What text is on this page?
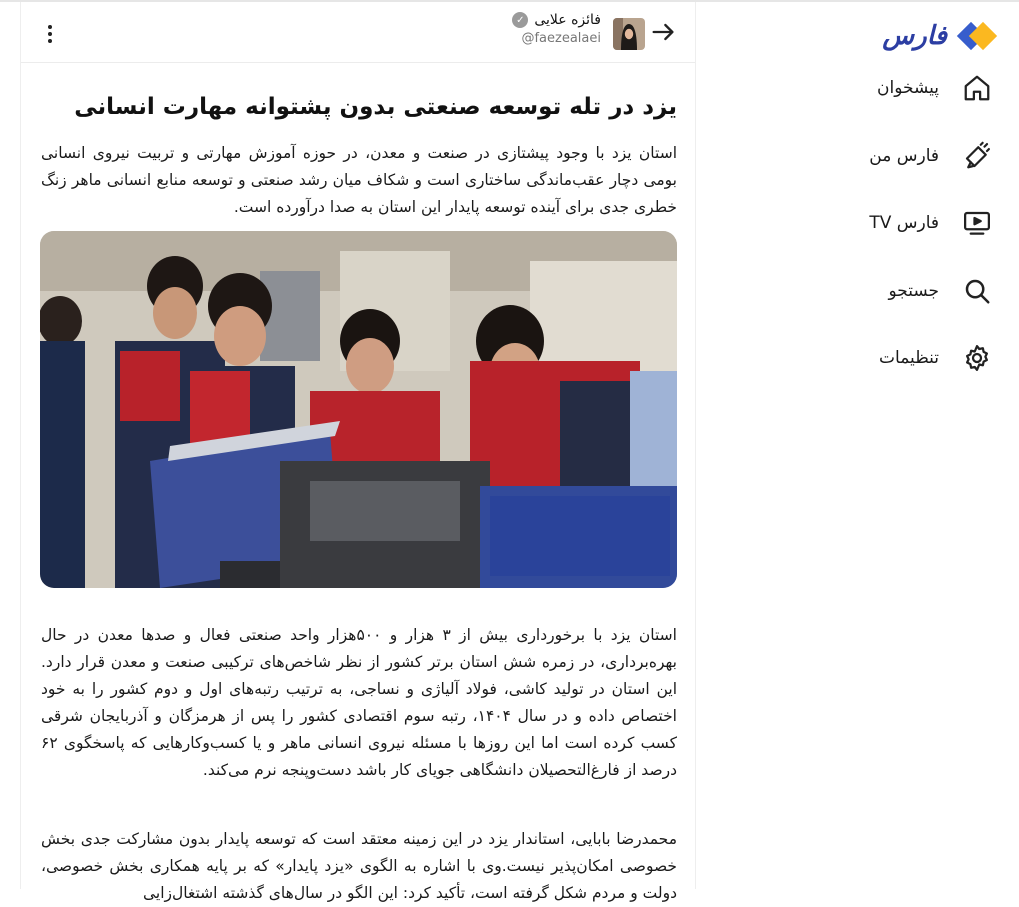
فارس
پیشخوان
فارس من
فارس TV
جستجو
تنظیمات
فائزه علایی
✓
@faezealaei
یزد در تله توسعه صنعتی بدون پشتوانه مهارت انسانی

استان یزد با وجود پیشتازی در صنعت و معدن، در حوزه آموزش مهارتی و تربیت نیروی انسانی بومی دچار عقب‌ماندگی ساختاری است و شکاف میان رشد صنعتی و توسعه منابع انسانی ماهر زنگ خطری جدی برای آینده توسعه پایدار این استان به صدا درآورده است.

استان یزد با برخورداری بیش از ۳ هزار و ۵۰۰هزار واحد صنعتی فعال و صدها معدن در حال بهره‌برداری، در زمره شش استان برتر کشور از نظر شاخص‌های ترکیبی صنعت و معدن قرار دارد. این استان در تولید کاشی، فولاد آلیاژی و نساجی، به ترتیب رتبه‌های اول و دوم کشور را به خود اختصاص داده و در سال ۱۴۰۴، رتبه سوم اقتصادی کشور را پس از هرمزگان و آذربایجان شرقی کسب کرده است اما این روزها با مسئله نیروی انسانی ماهر و یا کسب‌وکارهایی که پاسخگوی ۶۲ درصد از فارغ‌التحصیلان دانشگاهی جویای کار باشد دست‌وپنجه نرم می‌کند.

محمدرضا بابایی، استاندار یزد در این زمینه معتقد است که توسعه پایدار بدون مشارکت جدی بخش خصوصی امکان‌پذیر نیست.وی با اشاره به الگوی «یزد پایدار» که بر پایه همکاری بخش خصوصی، دولت و مردم شکل گرفته است، تأکید کرد: این الگو در سال‌های گذشته اشتغال‌زایی
